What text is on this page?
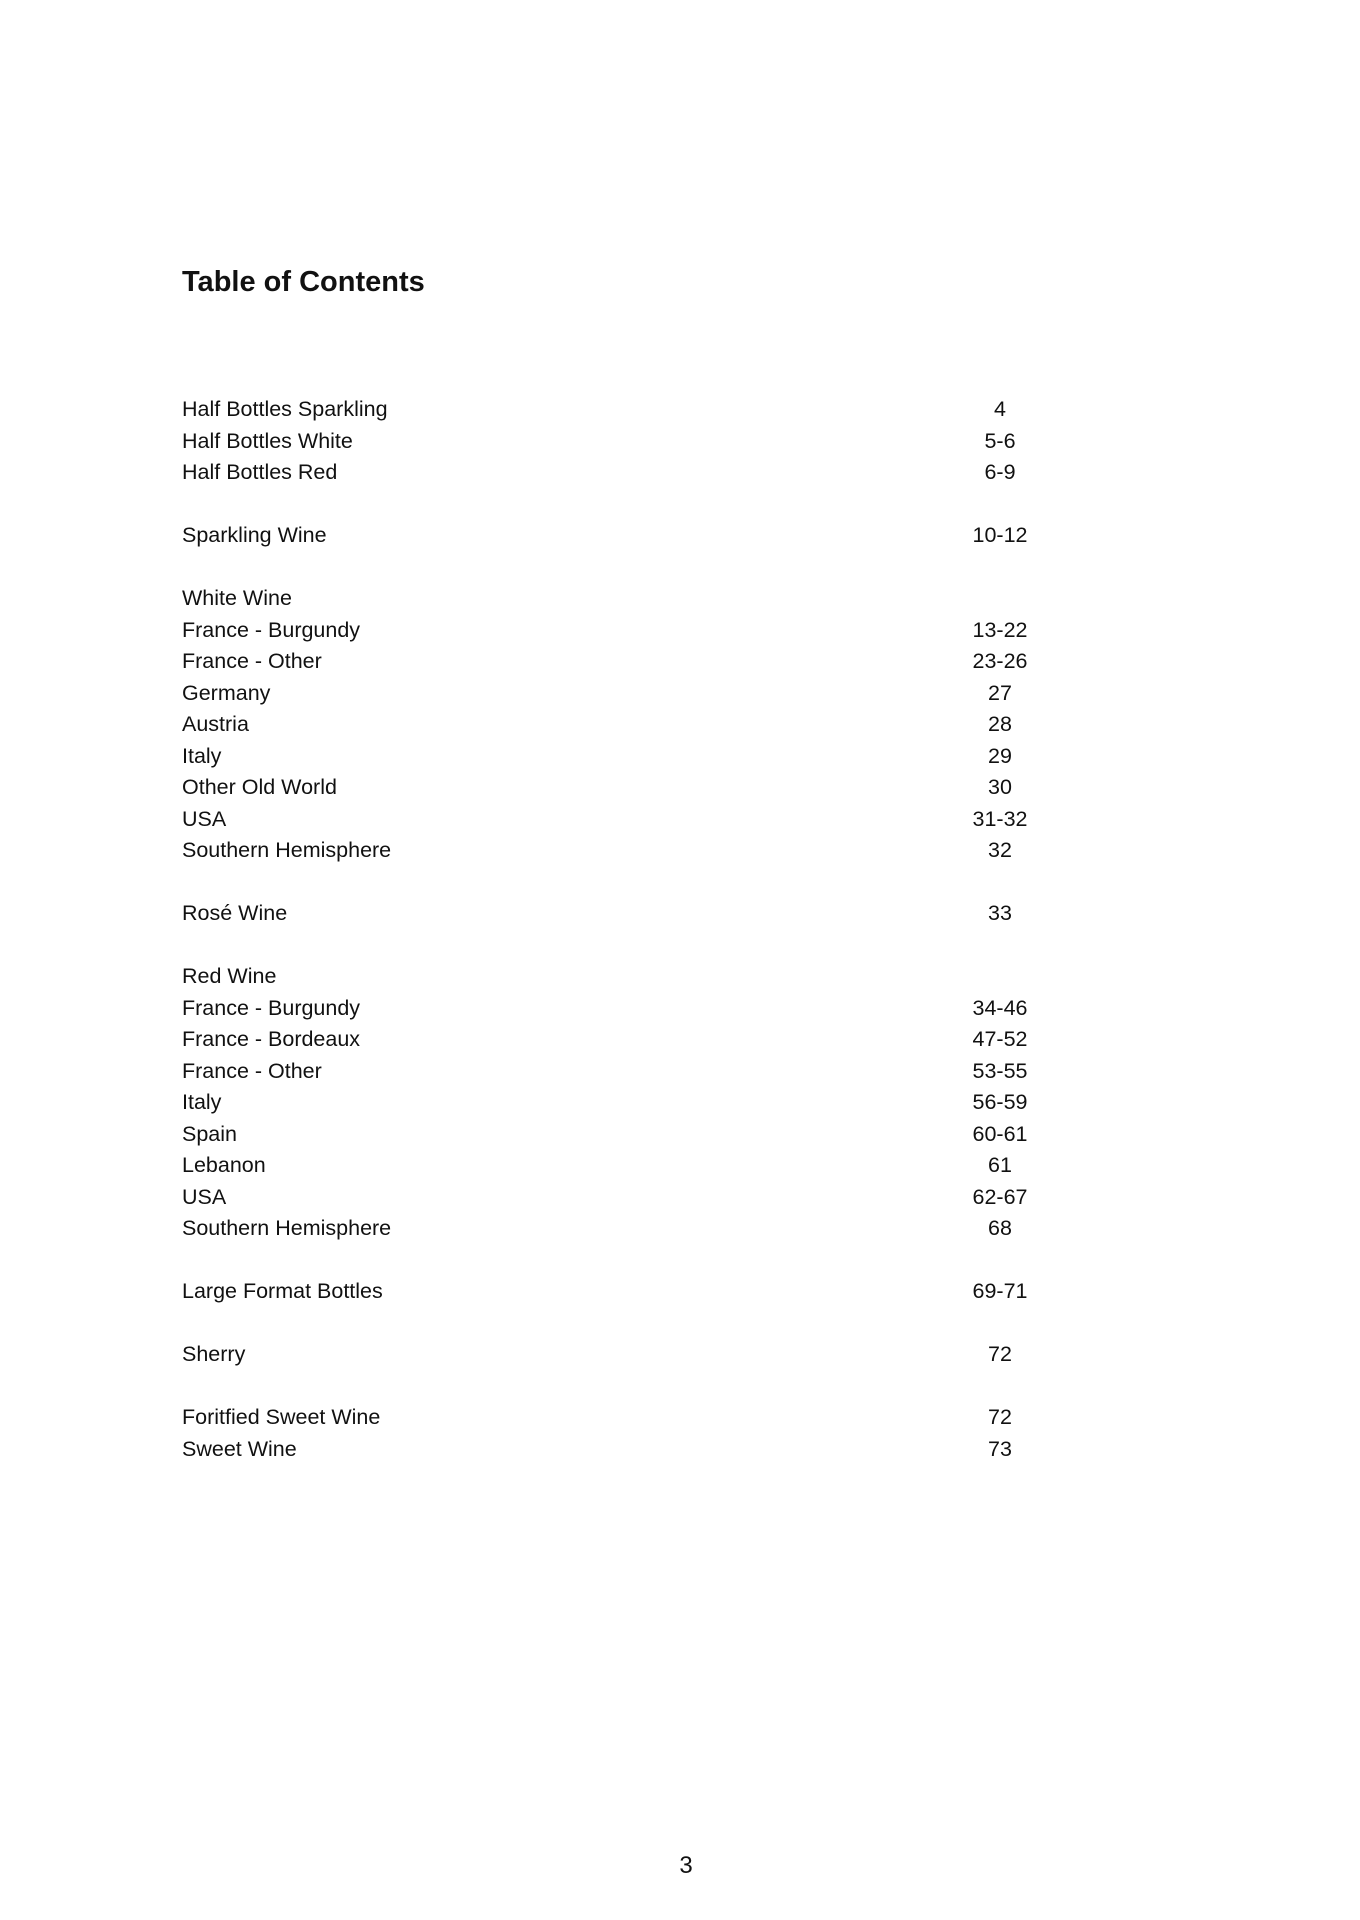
Table of Contents
Half Bottles Sparkling	4
Half Bottles White	5-6
Half Bottles Red	6-9
Sparkling Wine	10-12
White Wine
France - Burgundy	13-22
France - Other	23-26
Germany	27
Austria	28
Italy	29
Other Old World	30
USA	31-32
Southern Hemisphere	32
Rosé Wine	33
Red Wine
France - Burgundy	34-46
France - Bordeaux	47-52
France - Other	53-55
Italy	56-59
Spain	60-61
Lebanon	61
USA	62-67
Southern Hemisphere	68
Large Format Bottles	69-71
Sherry	72
Foritfied Sweet Wine	72
Sweet Wine	73
3
